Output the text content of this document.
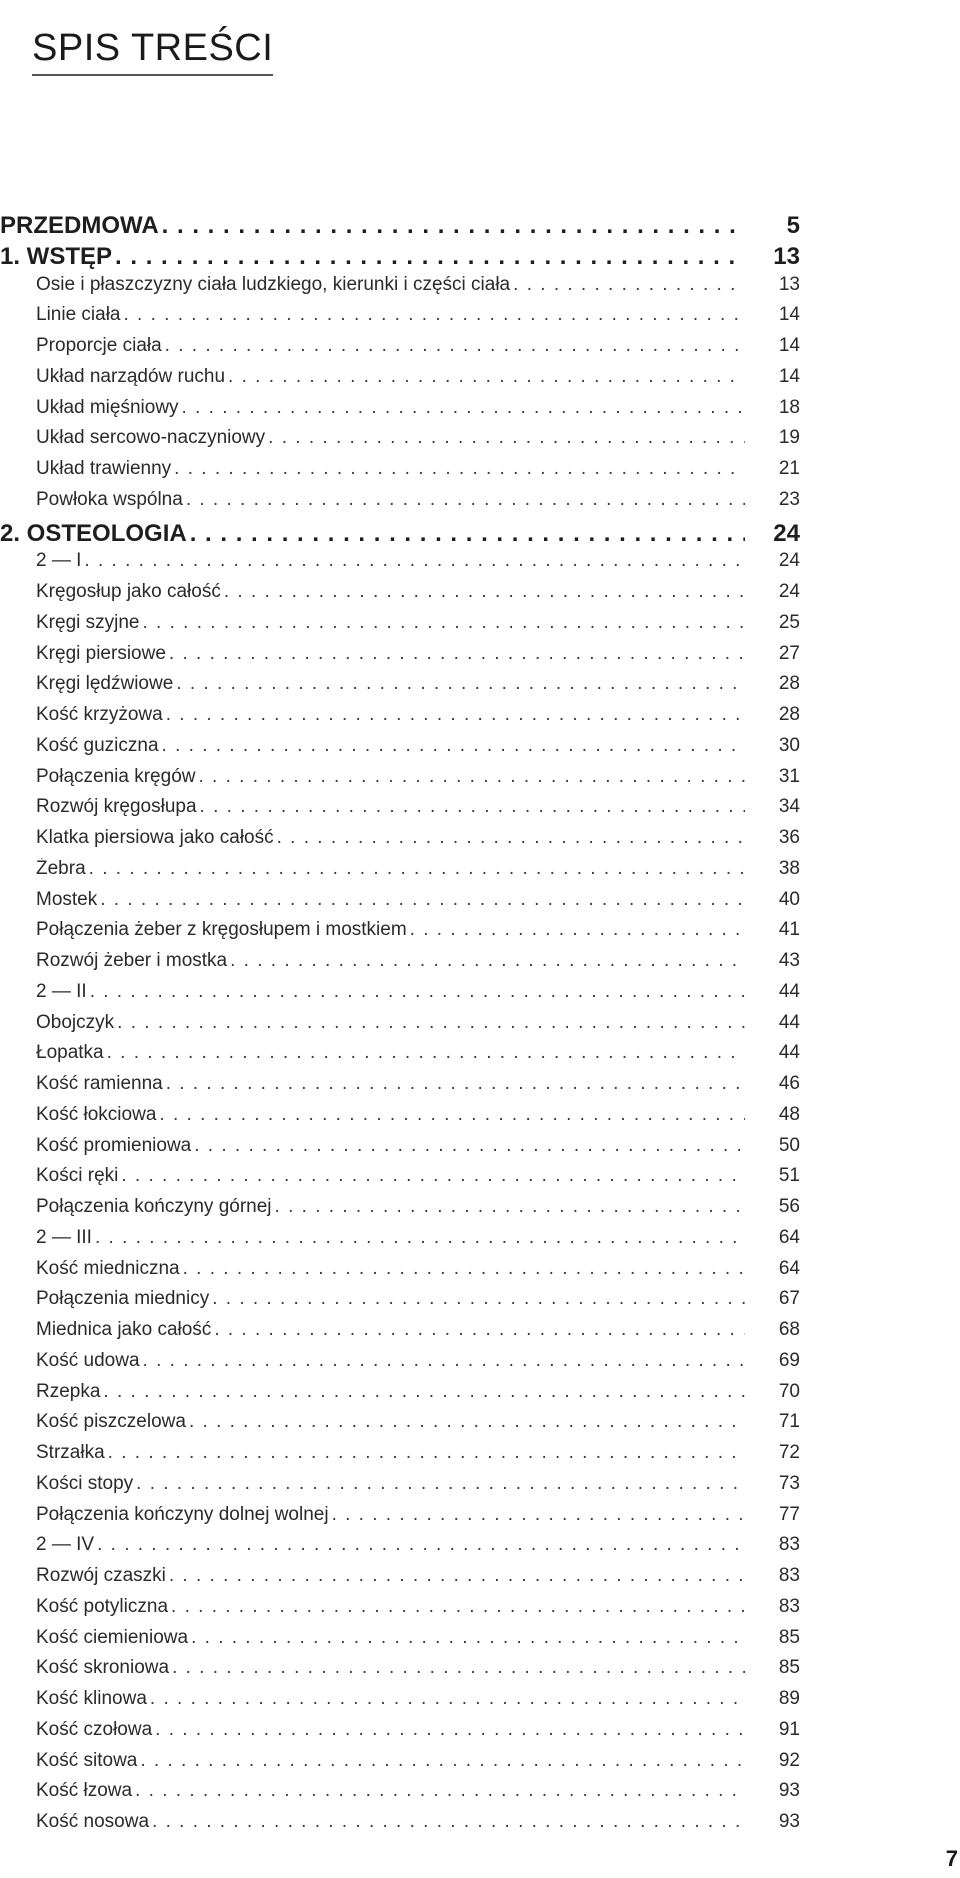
SPIS TREŚCI
PRZEDMOWA . . .	5
1. WSTĘP . . .	13
Osie i płaszczyzny ciała ludzkiego, kierunki i części ciała . . .	13
Linie ciała . . .	14
Proporcje ciała . . .	14
Układ narządów ruchu . . .	14
Układ mięśniowy . . .	18
Układ sercowo-naczyniowy . . .	19
Układ trawienny . . .	21
Powłoka wspólna . . .	23
2. OSTEOLOGIA . . .	24
2 — I . . .	24
Kręgosłup jako całość . . .	24
Kręgi szyjne . . .	25
Kręgi piersiowe . . .	27
Kręgi lędźwiowe . . .	28
Kość krzyżowa . . .	28
Kość guziczna . . .	30
Połączenia kręgów . . .	31
Rozwój kręgosłupa . . .	34
Klatka piersiowa jako całość . . .	36
Żebra . . .	38
Mostek . . .	40
Połączenia żeber z kręgosłupem i mostkiem . . .	41
Rozwój żeber i mostka . . .	43
2 — II . . .	44
Obojczyk . . .	44
Łopatka . . .	44
Kość ramienna . . .	46
Kość łokciowa . . .	48
Kość promieniowa . . .	50
Kości ręki . . .	51
Połączenia kończyny górnej . . .	56
2 — III . . .	64
Kość miedniczna . . .	64
Połączenia miednicy . . .	67
Miednica jako całość . . .	68
Kość udowa . . .	69
Rzepka . . .	70
Kość piszczelowa . . .	71
Strzałka . . .	72
Kości stopy . . .	73
Połączenia kończyny dolnej wolnej . . .	77
2 — IV . . .	83
Rozwój czaszki . . .	83
Kość potyliczna . . .	83
Kość ciemieniowa . . .	85
Kość skroniowa . . .	85
Kość klinowa . . .	89
Kość czołowa . . .	91
Kość sitowa . . .	92
Kość łzowa . . .	93
Kość nosowa . . .	93
7
